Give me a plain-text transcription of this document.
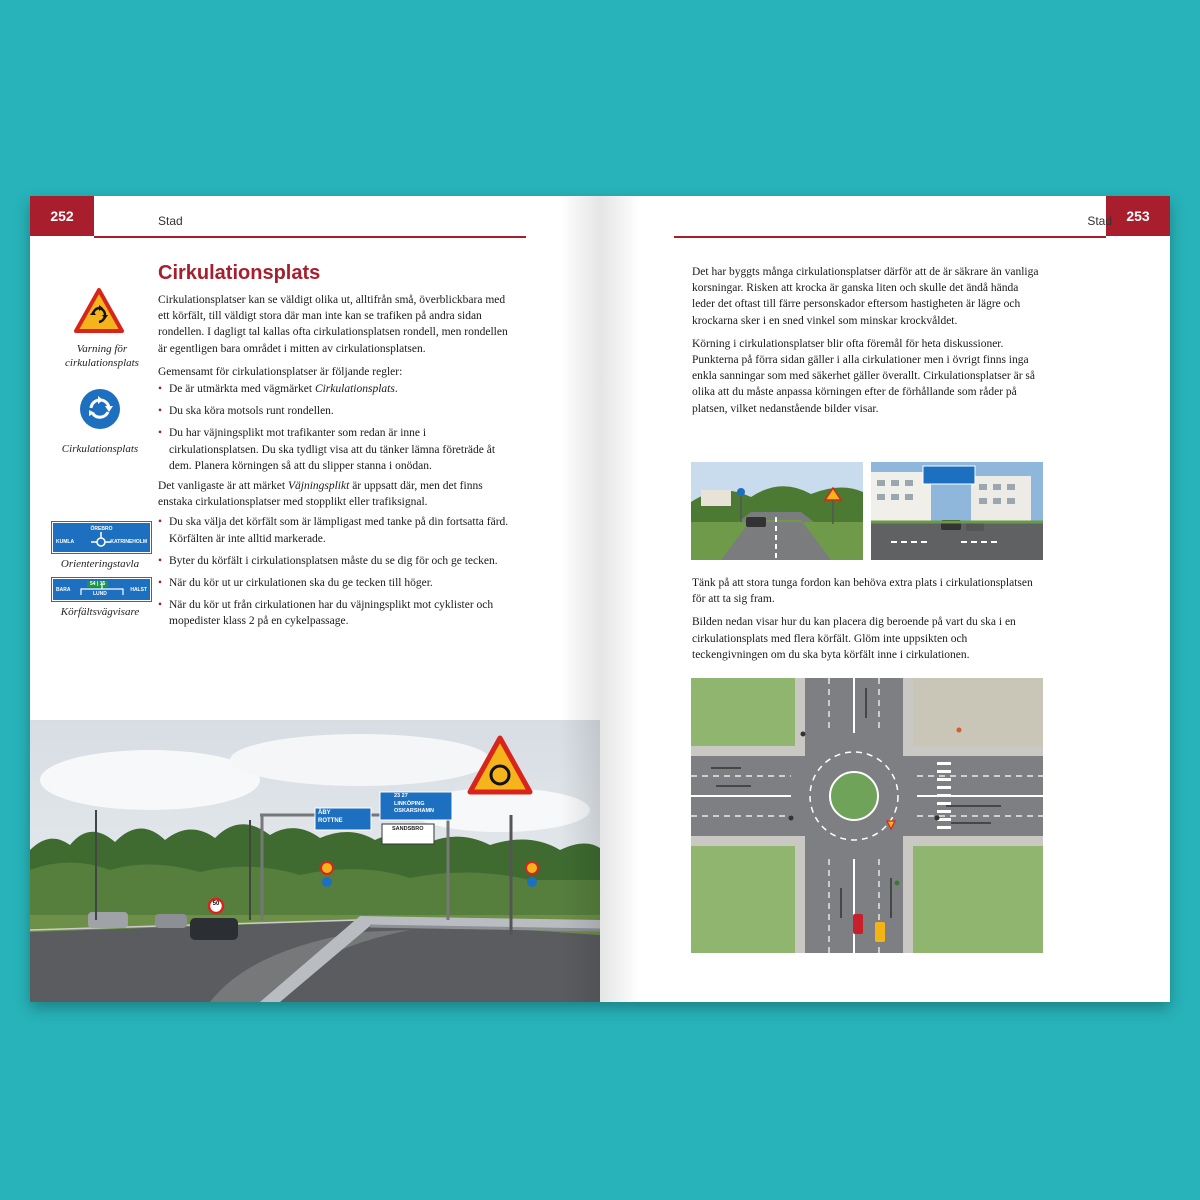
252	Stad
Cirkulationsplats
Varning för cirkulationsplats
Cirkulationsplats
ÖREBRO
KUMLA	KATRINEHOLM
Orienteringstavla
54 | 15
BARA
LUND
HALST
Körfältsvägvisare

Cirkulationsplatser kan se väldigt olika ut, alltifrån små, överblickbara med ett körfält, till väldigt stora där man inte kan se trafiken på andra sidan rondellen. I dagligt tal kallas ofta cirkulationsplatsen rondell, men rondellen är egentligen bara området i mitten av cirkulationsplatsen.

Gemensamt för cirkulationsplatser är följande regler:

• De är utmärkta med vägmärket Cirkulationsplats.
• Du ska köra motsols runt rondellen.
• Du har väjningsplikt mot trafikanter som redan är inne i cirkulationsplatsen. Du ska tydligt visa att du tänker lämna företräde åt dem. Planera körningen så att du slipper stanna i onödan.

Det vanligaste är att märket Väjningsplikt är uppsatt där, men det finns enstaka cirkulationsplatser med stopplikt eller trafiksignal.

• Du ska välja det körfält som är lämpligast med tanke på din fortsatta färd. Körfälten är inte alltid markerade.
• Byter du körfält i cirkulationsplatsen måste du se dig för och ge tecken.
• När du kör ut ur cirkulationen ska du ge tecken till höger.
• När du kör ut från cirkulationen har du väjningsplikt mot cyklister och mopedister klass 2 på en cykelpassage.
ÅBY
ROTTNE
23 27
LINKÖPING
OSKARSHAMN
SANDSBRO
50
253
Stad

Det har byggts många cirkulationsplatser därför att de är säkrare än vanliga korsningar. Risken att krocka är ganska liten och skulle det ändå hända leder det oftast till färre personskador eftersom hastigheten är lägre och krockarna sker i en sned vinkel som minskar krockvåldet.

Körning i cirkulationsplatser blir ofta föremål för heta diskussioner. Punkterna på förra sidan gäller i alla cirkulationer men i övrigt finns inga enkla sanningar som med säkerhet gäller överallt. Cirkulationsplatser är så olika att du måste anpassa körningen efter de förhållande som råder på platsen, vilket nedanstående bilder visar.

Tänk på att stora tunga fordon kan behöva extra plats i cirkulationsplatsen för att ta sig fram.

Bilden nedan visar hur du kan placera dig beroende på vart du ska i en cirkulationsplats med flera körfält. Glöm inte uppsikten och teckengivningen om du ska byta körfält inne i cirkulationen.
